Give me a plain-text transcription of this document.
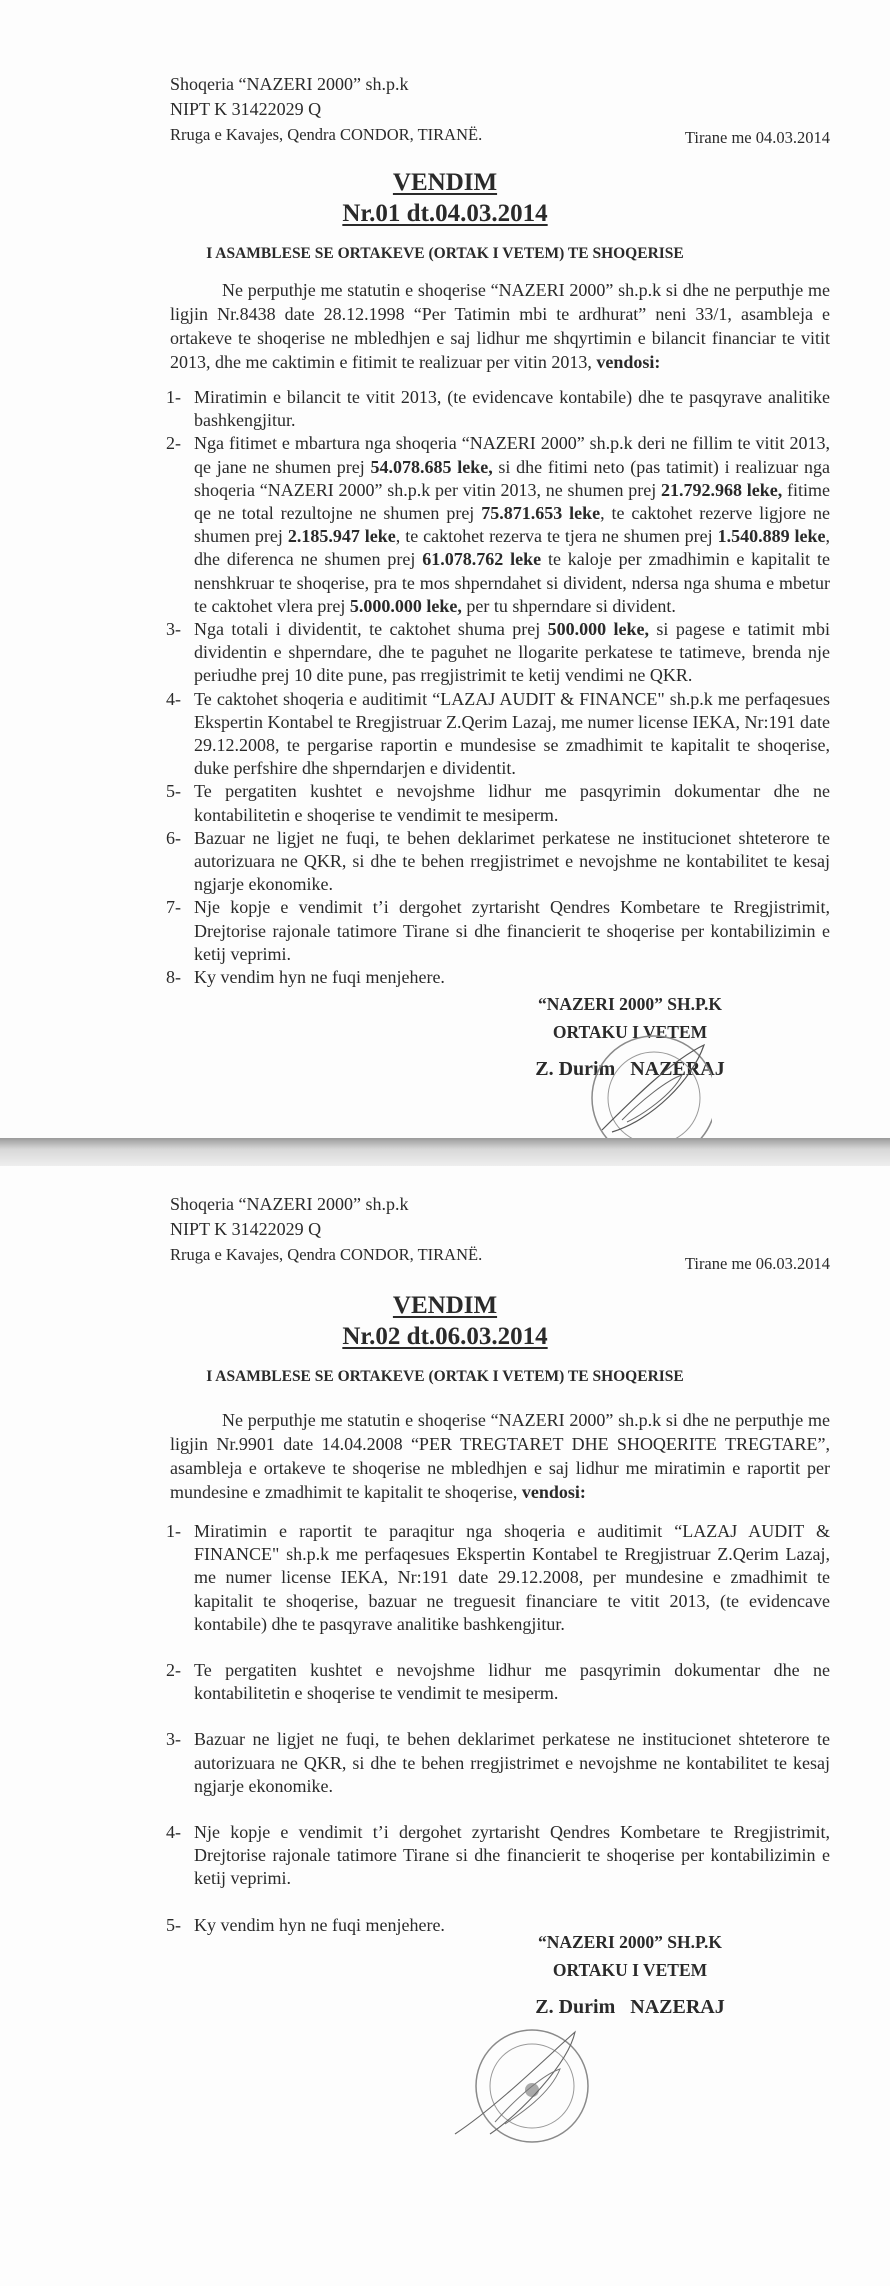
Shoqeria “NAZERI 2000” sh.p.k
NIPT K 31422029 Q
Rruga e Kavajes, Qendra CONDOR, TIRANË.	Tirane me 04.03.2014
VENDIM
Nr.01 dt.04.03.2014
I ASAMBLESE SE ORTAKEVE (ORTAK I VETEM) TE SHOQERISE
Ne perputhje me statutin e shoqerise “NAZERI 2000” sh.p.k si dhe ne perputhje me ligjin Nr.8438 date 28.12.1998 “Per Tatimin mbi te ardhurat” neni 33/1, asambleja e ortakeve te shoqerise ne mbledhjen e saj lidhur me shqyrtimin e bilancit financiar te vitit 2013, dhe me caktimin e fitimit te realizuar per vitin 2013, vendosi:
1- Miratimin e bilancit te vitit 2013, (te evidencave kontabile) dhe te pasqyrave analitike bashkengjitur.
2- Nga fitimet e mbartura nga shoqeria “NAZERI 2000” sh.p.k deri ne fillim te vitit 2013, qe jane ne shumen prej 54.078.685 leke, si dhe fitimi neto (pas tatimit) i realizuar nga shoqeria “NAZERI 2000” sh.p.k per vitin 2013, ne shumen prej 21.792.968 leke, fitime qe ne total rezultojne ne shumen prej 75.871.653 leke, te caktohet rezerve ligjore ne shumen prej 2.185.947 leke, te caktohet rezerva te tjera ne shumen prej 1.540.889 leke, dhe diferenca ne shumen prej 61.078.762 leke te kaloje per zmadhimin e kapitalit te nenshkruar te shoqerise, pra te mos shperndahet si divident, ndersa nga shuma e mbetur te caktohet vlera prej 5.000.000 leke, per tu shperndare si divident.
3- Nga totali i dividentit, te caktohet shuma prej 500.000 leke, si pagese e tatimit mbi dividentin e shperndare, dhe te paguhet ne llogarite perkatese te tatimeve, brenda nje periudhe prej 10 dite pune, pas rregjistrimit te ketij vendimi ne QKR.
4- Te caktohet shoqeria e auditimit “LAZAJ AUDIT & FINANCE" sh.p.k me perfaqesues Ekspertin Kontabel te Rregjistruar Z.Qerim Lazaj, me numer license IEKA, Nr:191 date 29.12.2008, te pergarise raportin e mundesise se zmadhimit te kapitalit te shoqerise, duke perfshire dhe shperndarjen e dividentit.
5- Te pergatiten kushtet e nevojshme lidhur me pasqyrimin dokumentar dhe ne kontabilitetin e shoqerise te vendimit te mesiperm.
6- Bazuar ne ligjet ne fuqi, te behen deklarimet perkatese ne institucionet shteterore te autorizuara ne QKR, si dhe te behen rregjistrimet e nevojshme ne kontabilitet te kesaj ngjarje ekonomike.
7- Nje kopje e vendimit t’i dergohet zyrtarisht Qendres Kombetare te Rregjistrimit, Drejtorise rajonale tatimore Tirane si dhe financierit te shoqerise per kontabilizimin e ketij veprimi.
8- Ky vendim hyn ne fuqi menjehere.
“NAZERI 2000” SH.P.K
ORTAKU I VETEM
Z. Durim   NAZERAJ
Shoqeria “NAZERI 2000” sh.p.k
NIPT K 31422029 Q
Rruga e Kavajes, Qendra CONDOR, TIRANË.	Tirane me 06.03.2014
VENDIM
Nr.02 dt.06.03.2014
I ASAMBLESE SE ORTAKEVE (ORTAK I VETEM) TE SHOQERISE
Ne perputhje me statutin e shoqerise “NAZERI 2000” sh.p.k si dhe ne perputhje me ligjin Nr.9901 date 14.04.2008 “PER TREGTARET DHE SHOQERITE TREGTARE”, asambleja e ortakeve te shoqerise ne mbledhjen e saj lidhur me miratimin e raportit per mundesine e zmadhimit te kapitalit te shoqerise, vendosi:
1- Miratimin e raportit te paraqitur nga shoqeria e auditimit “LAZAJ AUDIT & FINANCE" sh.p.k me perfaqesues Ekspertin Kontabel te Rregjistruar Z.Qerim Lazaj, me numer license IEKA, Nr:191 date 29.12.2008, per mundesine e zmadhimit te kapitalit te shoqerise, bazuar ne treguesit financiare te vitit 2013, (te evidencave kontabile) dhe te pasqyrave analitike bashkengjitur.
2- Te pergatiten kushtet e nevojshme lidhur me pasqyrimin dokumentar dhe ne kontabilitetin e shoqerise te vendimit te mesiperm.
3- Bazuar ne ligjet ne fuqi, te behen deklarimet perkatese ne institucionet shteterore te autorizuara ne QKR, si dhe te behen rregjistrimet e nevojshme ne kontabilitet te kesaj ngjarje ekonomike.
4- Nje kopje e vendimit t’i dergohet zyrtarisht Qendres Kombetare te Rregjistrimit, Drejtorise rajonale tatimore Tirane si dhe financierit te shoqerise per kontabilizimin e ketij veprimi.
5- Ky vendim hyn ne fuqi menjehere.
“NAZERI 2000” SH.P.K
ORTAKU I VETEM
Z. Durim   NAZERAJ
